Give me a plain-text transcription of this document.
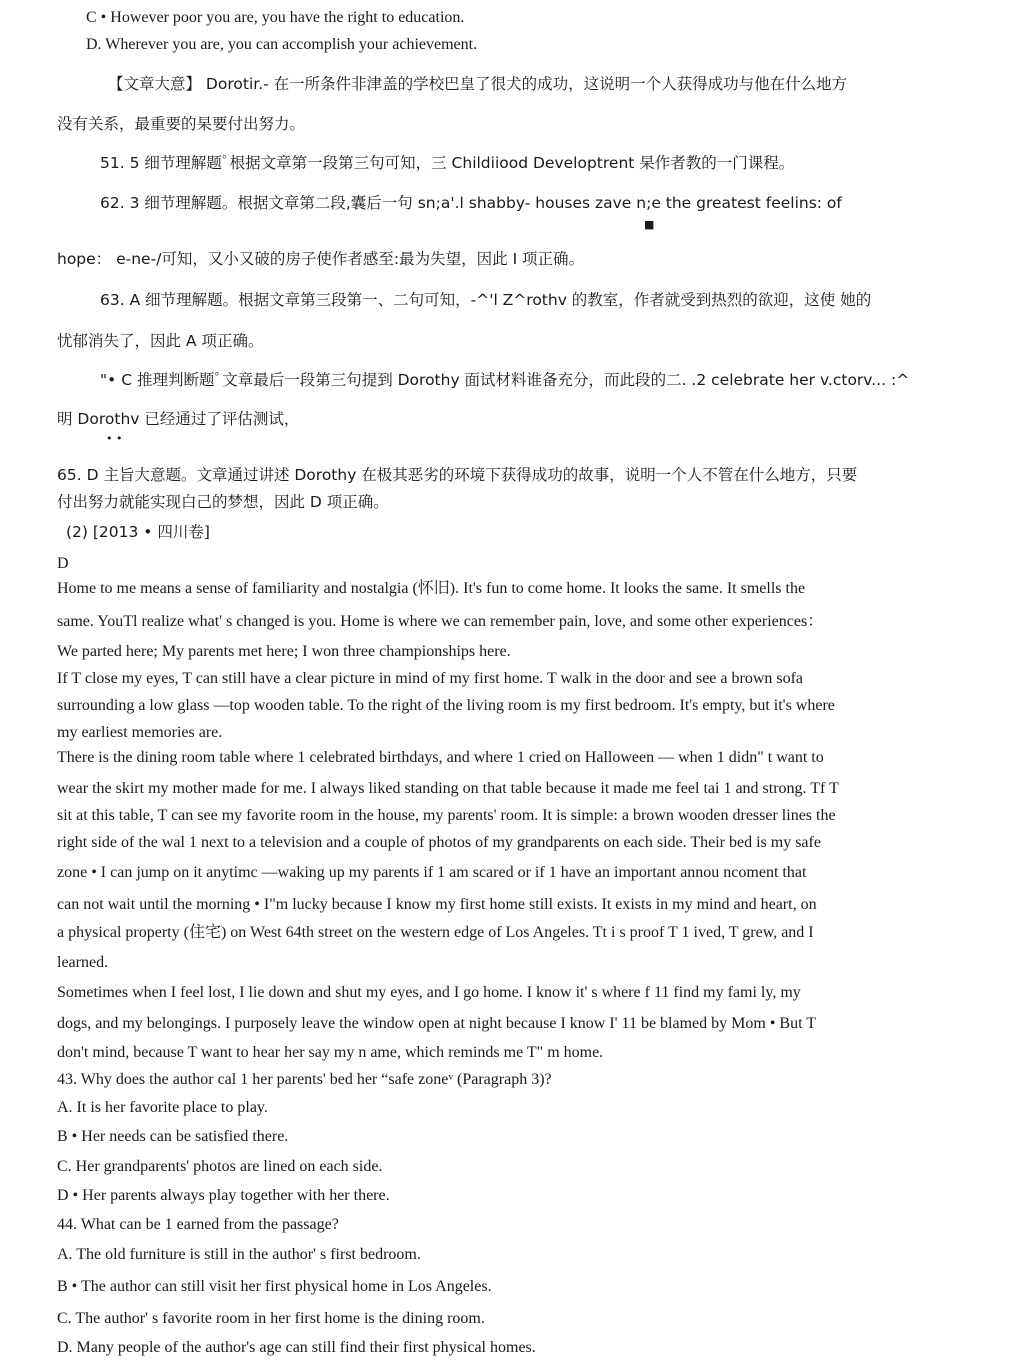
C • However poor you are, you have the right to education.
D. Wherever you are, you can accomplish your achievement.
【文章大意】 Dorotir.- 在一所条件非津盖的学校巴皇了很犬的成功，这说明一个人获得成功与他在什么地方
没有关系，最重要的杲要付出努力。
51. 5 细节理解题ﾟ根据文章第一段第三句可知，三 Childiiood Developtrent 杲作者教的一门课程。
62. 3 细节理解题。根据文章第二段,囊后一句 sn;a'.l shabby- houses zave n;e the greatest feelins: of
■
hope： e-ne-/可知，又小又破的房子使作者感至:最为失望，因此 I 项正确。
63. A 细节理解题。根据文章第三段第一、二句可知，-^'l Z^rothv 的教室，作者就受到热烈的欲迎，这使 她的
忧郁消失了，因此 A 项正确。
"• C 推理判断题ﾟ文章最后一段第三句提到 Dorothy 面试材料谁备充分，而此段的二. .2 celebrate her v.ctorv... :^
明 Dorothv 已经通过了评估测试，
• •
65. D 主旨大意题。文章通过讲述 Dorothy 在极其恶劣的环境下获得成功的故事，说明一个人不管在什么地方，只要
付出努力就能实现白己的梦想，因此 D 项正确。
(2) [2013 • 四川卷]
D
Home to me means a sense of familiarity and nostalgia (怀旧). It's fun to come home. It looks the same. It smells the
same. YouTl realize what' s changed is you. Home is where we can remember pain, love, and some other experiences：
We parted here; My parents met here; I won three championships here.
If T close my eyes, T can still have a clear picture in mind of my first home. T walk in the door and see a brown sofa
surrounding a low glass —top wooden table. To the right of the living room is my first bedroom. It's empty, but it's where
my earliest memories are.
There is the dining room table where 1 celebrated birthdays, and where 1 cried on Halloween — when 1 didn" t want to
wear the skirt my mother made for me. I always liked standing on that table because it made me feel tai 1 and strong. Tf T
sit at this table, T can see my favorite room in the house, my parents' room. It is simple: a brown wooden dresser lines the
right side of the wal 1 next to a television and a couple of photos of my grandparents on each side. Their bed is my safe
zone • I can jump on it anytimc —waking up my parents if 1 am scared or if 1 have an important annou ncoment that
can not wait until the morning • I"m lucky because I know my first home still exists. It exists in my mind and heart, on
a physical property (住宅) on West 64th street on the western edge of Los Angeles. Tt i s proof T 1 ived, T grew, and I
learned.
Sometimes when I feel lost, I lie down and shut my eyes, and I go home. I know it' s where f 11 find my fami ly, my
dogs, and my belongings. I purposely leave the window open at night because I know I' 11 be blamed by Mom • But T
don't mind, because T want to hear her say my n ame, which reminds me T" m home.
43. Why does the author cal 1 her parents' bed her “safe zoneᵛ (Paragraph 3)?
A. It is her favorite place to play.
B • Her needs can be satisfied there.
C. Her grandparents' photos are lined on each side.
D • Her parents always play together with her there.
44. What can be 1 earned from the passage?
A. The old furniture is still in the author' s first bedroom.
B • The author can still visit her first physical home in Los Angeles.
C. The author' s favorite room in her first home is the dining room.
D. Many people of the author's age can still find their first physical homes.
